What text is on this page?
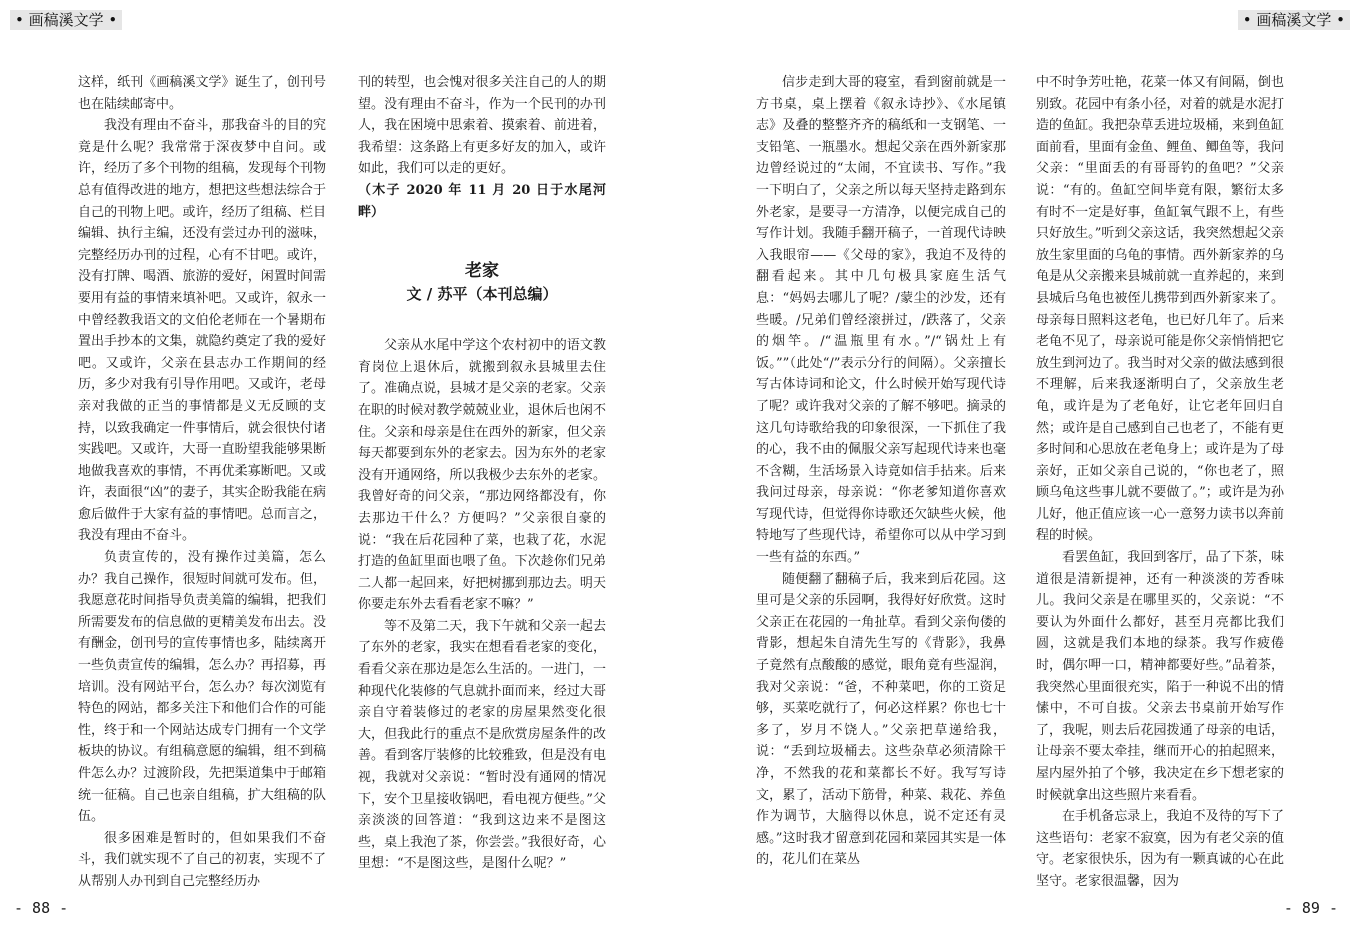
• 画稿溪文学 •

这样，纸刊《画稿溪文学》诞生了，创刊号也在陆续邮寄中。

我没有理由不奋斗，那我奋斗的目的究竟是什么呢？我常常于深夜梦中自问。或许，经历了多个刊物的组稿，发现每个刊物总有值得改进的地方，想把这些想法综合于自己的刊物上吧。或许，经历了组稿、栏目编辑、执行主编，还没有尝过办刊的滋味，完整经历办刊的过程，心有不甘吧。或许，没有打牌、喝酒、旅游的爱好，闲置时间需要用有益的事情来填补吧。又或许，叙永一中曾经教我语文的文伯伦老师在一个暑期布置出手抄本的文集，就隐约奠定了我的爱好吧。又或许，父亲在县志办工作期间的经历，多少对我有引导作用吧。又或许，老母亲对我做的正当的事情都是义无反顾的支持，以致我确定一件事情后，就会很快付诸实践吧。又或许，大哥一直盼望我能够果断地做我喜欢的事情，不再优柔寡断吧。又或许，表面很“凶”的妻子，其实企盼我能在病愈后做件于大家有益的事情吧。总而言之，我没有理由不奋斗。

负责宣传的，没有操作过美篇，怎么办？我自己操作，很短时间就可发布。但，我愿意花时间指导负责美篇的编辑，把我们所需要发布的信息做的更精美发布出去。没有酬金，创刊号的宣传事情也多，陆续离开一些负责宣传的编辑，怎么办？再招募，再培训。没有网站平台，怎么办？每次浏览有特色的网站，都多关注下和他们合作的可能性，终于和一个网站达成专门拥有一个文学板块的协议。有组稿意愿的编辑，组不到稿件怎么办？过渡阶段，先把渠道集中于邮箱统一征稿。自己也亲自组稿，扩大组稿的队伍。

很多困难是暂时的，但如果我们不奋斗，我们就实现不了自己的初衷，实现不了从帮别人办刊到自己完整经历办

刊的转型，也会愧对很多关注自己的人的期望。没有理由不奋斗，作为一个民刊的办刊人，我在困境中思索着、摸索着、前进着，我希望：这条路上有更多好友的加入，或许如此，我们可以走的更好。

（木子 2020 年 11 月 20 日于水尾河畔）

老家
文 / 苏平（本刊总编）

父亲从水尾中学这个农村初中的语文教育岗位上退休后，就搬到叙永县城里去住了。准确点说，县城才是父亲的老家。父亲在职的时候对教学兢兢业业，退休后也闲不住。父亲和母亲是住在西外的新家，但父亲每天都要到东外的老家去。因为东外的老家没有开通网络，所以我极少去东外的老家。我曾好奇的问父亲，“那边网络都没有，你去那边干什么？方便吗？”父亲很自豪的说：“我在后花园种了菜，也栽了花，水泥打造的鱼缸里面也喂了鱼。下次趁你们兄弟二人都一起回来，好把树挪到那边去。明天你要走东外去看看老家不嘛？”

等不及第二天，我下午就和父亲一起去了东外的老家，我实在想看看老家的变化，看看父亲在那边是怎么生活的。一进门，一种现代化装修的气息就扑面而来，经过大哥亲自守着装修过的老家的房屋果然变化很大，但我此行的重点不是欣赏房屋条件的改善。看到客厅装修的比较雅致，但是没有电视，我就对父亲说：“暂时没有通网的情况下，安个卫星接收锅吧，看电视方便些。”父亲淡淡的回答道：“我到这边来不是图这些，桌上我泡了茶，你尝尝。”我很好奇，心里想：“不是图这些，是图什么呢？”

- 88 -
• 画稿溪文学 •

信步走到大哥的寝室，看到窗前就是一方书桌，桌上摆着《叙永诗抄》、《水尾镇志》及叠的整整齐齐的稿纸和一支钢笔、一支铅笔、一瓶墨水。想起父亲在西外新家那边曾经说过的“太闹，不宜读书、写作。”我一下明白了，父亲之所以每天坚持走路到东外老家，是要寻一方清净，以便完成自己的写作计划。我随手翻开稿子，一首现代诗映入我眼帘——《父母的家》，我迫不及待的翻看起来。其中几句极具家庭生活气息：“妈妈去哪儿了呢？/蒙尘的沙发，还有些暖。/兄弟们曾经滚拼过，/跌落了，父亲的烟竿。/“温瓶里有水。”/“锅灶上有饭。””（此处“/”表示分行的间隔）。父亲擅长写古体诗词和论文，什么时候开始写现代诗了呢？或许我对父亲的了解不够吧。摘录的这几句诗歌给我的印象很深，一下抓住了我的心，我不由的佩服父亲写起现代诗来也毫不含糊，生活场景入诗竟如信手拈来。后来我问过母亲，母亲说：“你老爹知道你喜欢写现代诗，但觉得你诗歌还欠缺些火候，他特地写了些现代诗，希望你可以从中学习到一些有益的东西。”

随便翻了翻稿子后，我来到后花园。这里可是父亲的乐园啊，我得好好欣赏。这时父亲正在花园的一角扯草。看到父亲佝偻的背影，想起朱自清先生写的《背影》，我鼻子竟然有点酸酸的感觉，眼角竟有些湿润，我对父亲说：“爸，不种菜吧，你的工资足够，买菜吃就行了，何必这样累？你也七十多了，岁月不饶人。”父亲把草递给我，说：“丢到垃圾桶去。这些杂草必须清除干净，不然我的花和菜都长不好。我写写诗文，累了，活动下筋骨，种菜、栽花、养鱼作为调节，大脑得以休息，说不定还有灵感。”这时我才留意到花园和菜园其实是一体的，花儿们在菜丛

中不时争芳吐艳，花菜一体又有间隔，倒也别致。花园中有条小径，对着的就是水泥打造的鱼缸。我把杂草丢进垃圾桶，来到鱼缸面前看，里面有金鱼、鲤鱼、鲫鱼等，我问父亲：“里面丢的有哥哥钓的鱼吧？”父亲说：“有的。鱼缸空间毕竟有限，繁衍太多有时不一定是好事，鱼缸氧气跟不上，有些只好放生。”听到父亲这话，我突然想起父亲放生家里面的乌龟的事情。西外新家养的乌龟是从父亲搬来县城前就一直养起的，来到县城后乌龟也被侄儿携带到西外新家来了。母亲每日照料这老龟，也已好几年了。后来老龟不见了，母亲说可能是你父亲悄悄把它放生到河边了。我当时对父亲的做法感到很不理解，后来我逐渐明白了，父亲放生老龟，或许是为了老龟好，让它老年回归自然；或许是自己感到自己也老了，不能有更多时间和心思放在老龟身上；或许是为了母亲好，正如父亲自己说的，“你也老了，照顾乌龟这些事儿就不要做了。”；或许是为孙儿好，他正值应该一心一意努力读书以奔前程的时候。

看罢鱼缸，我回到客厅，品了下茶，味道很是清新提神，还有一种淡淡的芳香味儿。我问父亲是在哪里买的，父亲说：“不要认为外面什么都好，甚至月亮都比我们圆，这就是我们本地的绿茶。我写作疲倦时，偶尔呷一口，精神都要好些。”品着茶，我突然心里面很充实，陷于一种说不出的情愫中，不可自拔。父亲去书桌前开始写作了，我呢，则去后花园拨通了母亲的电话，让母亲不要太牵挂，继而开心的拍起照来，屋内屋外拍了个够，我决定在乡下想老家的时候就拿出这些照片来看看。

在手机备忘录上，我迫不及待的写下了这些语句：老家不寂寞，因为有老父亲的值守。老家很快乐，因为有一颗真诚的心在此坚守。老家很温馨，因为

- 89 -
